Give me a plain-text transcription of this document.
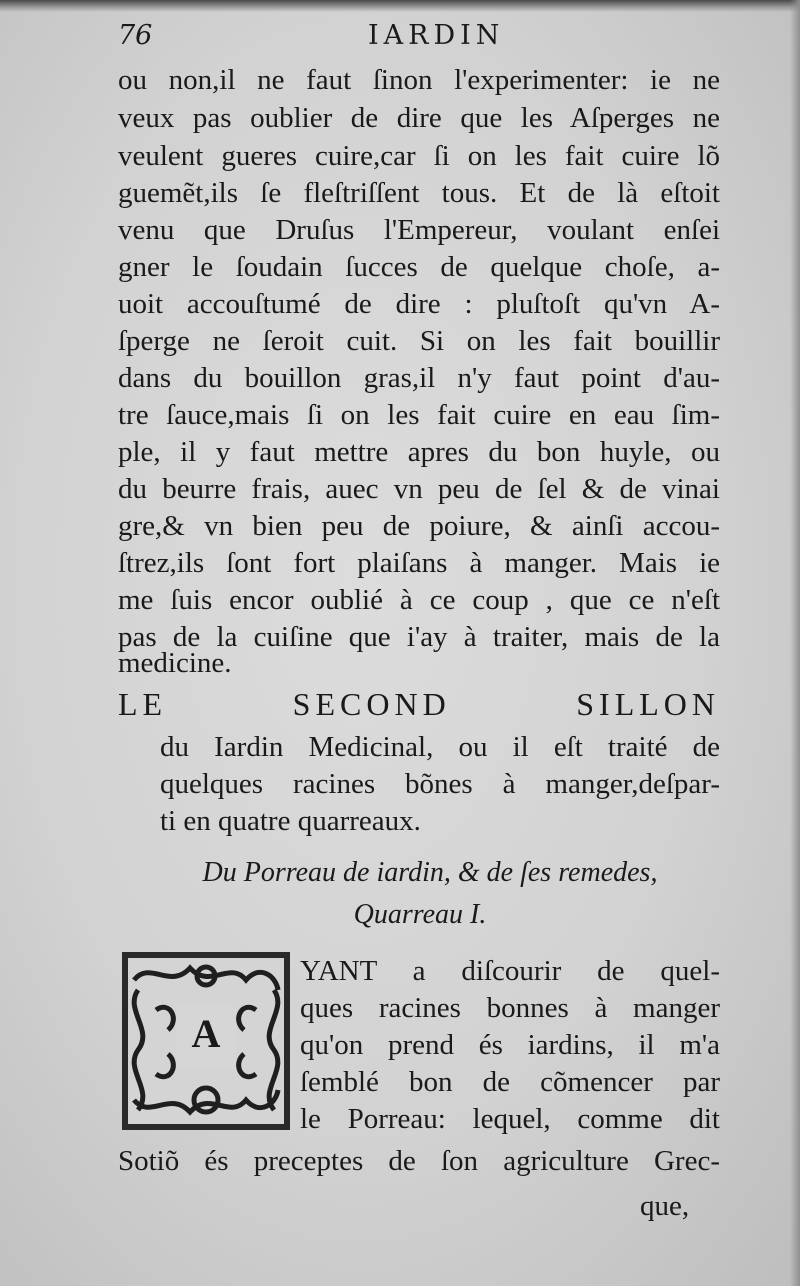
76	IARDIN
ou non,il ne faut ſinon l'experimenter: ie ne
veux pas oublier de dire que les Aſperges ne
veulent gueres cuire,car ſi on les fait cuire lõ
guemẽt,ils ſe fleſtriſſent tous. Et de là eſtoit
venu que Druſus l'Empereur, voulant enſei
gner le ſoudain ſucces de quelque choſe, a-
uoit accouſtumé de dire : pluſtoſt qu'vn A-
ſperge ne ſeroit cuit. Si on les fait bouillir
dans du bouillon gras,il n'y faut point d'au-
tre ſauce,mais ſi on les fait cuire en eau ſim-
ple, il y faut mettre apres du bon huyle, ou
du beurre frais, auec vn peu de ſel & de vinai
gre,& vn bien peu de poiure, & ainſi accou-
ſtrez,ils ſont fort plaiſans à manger. Mais ie
me ſuis encor oublié à ce coup , que ce n'eſt
pas de la cuiſine que i'ay à traiter, mais de la
medicine.
LE SECOND SILLON
du Iardin Medicinal, ou il eſt traité de
quelques racines bõnes à manger,deſpar-
ti en quatre quarreaux.
Du Porreau de iardin, & de ſes remedes,
Quarreau I.
A
YANT a diſcourir de quel-
ques racines bonnes à manger
qu'on prend és iardins, il m'a
ſemblé bon de cõmencer par
le Porreau: lequel, comme dit
Sotiõ és preceptes de ſon agriculture Grec-
que,
